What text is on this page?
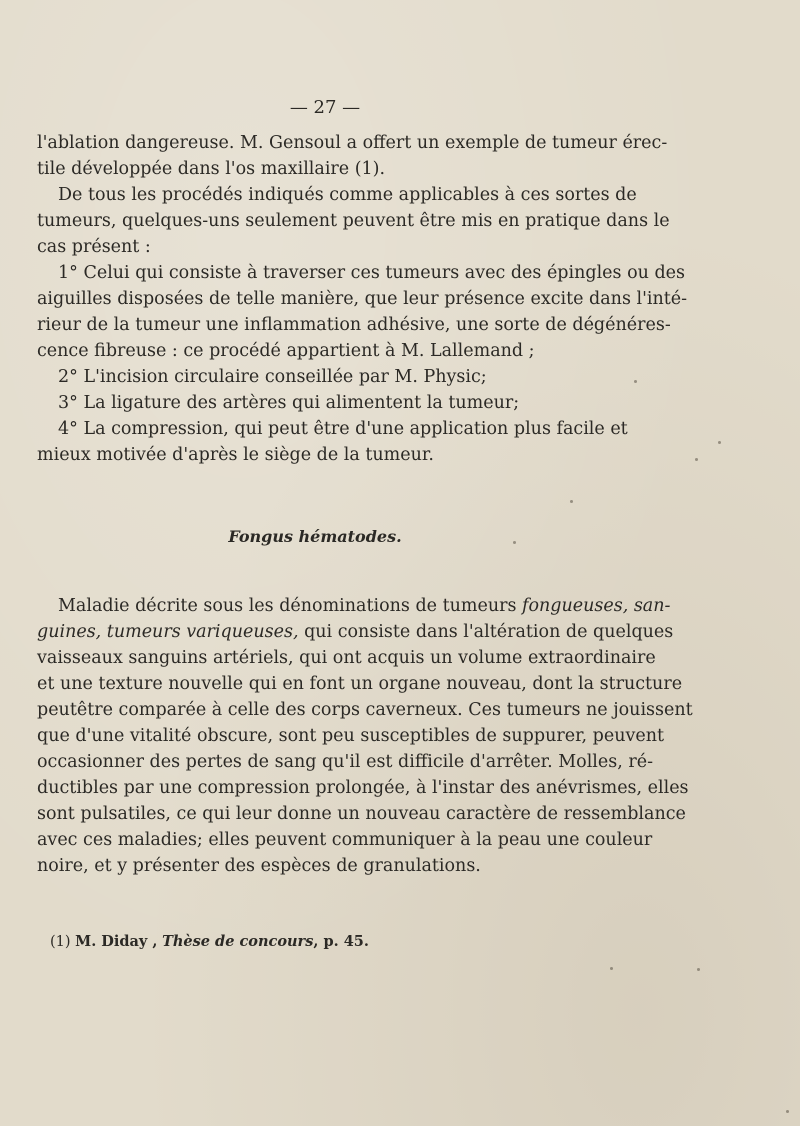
— 27 —
l'ablation dangereuse. M. Gensoul a offert un exemple de tumeur érec-
tile développée dans l'os maxillaire (1).
De tous les procédés indiqués comme applicables à ces sortes de
tumeurs, quelques-uns seulement peuvent être mis en pratique dans le
cas présent :
1° Celui qui consiste à traverser ces tumeurs avec des épingles ou des
aiguilles disposées de telle manière, que leur présence excite dans l'inté-
rieur de la tumeur une inflammation adhésive, une sorte de dégénéres-
cence fibreuse : ce procédé appartient à M. Lallemand ;
2° L'incision circulaire conseillée par M. Physic;
3° La ligature des artères qui alimentent la tumeur;
4° La compression, qui peut être d'une application plus facile et
mieux motivée d'après le siège de la tumeur.
Fongus hématodes.
Maladie décrite sous les dénominations de tumeurs fongueuses, san-
guines, tumeurs variqueuses, qui consiste dans l'altération de quelques
vaisseaux sanguins artériels, qui ont acquis un volume extraordinaire
et une texture nouvelle qui en font un organe nouveau, dont la structure
peutêtre comparée à celle des corps caverneux. Ces tumeurs ne jouissent
que d'une vitalité obscure, sont peu susceptibles de suppurer, peuvent
occasionner des pertes de sang qu'il est difficile d'arrêter. Molles, ré-
ductibles par une compression prolongée, à l'instar des anévrismes, elles
sont pulsatiles, ce qui leur donne un nouveau caractère de ressemblance
avec ces maladies; elles peuvent communiquer à la peau une couleur
noire, et y présenter des espèces de granulations.
(1) M. Diday , Thèse de concours, p. 45.
